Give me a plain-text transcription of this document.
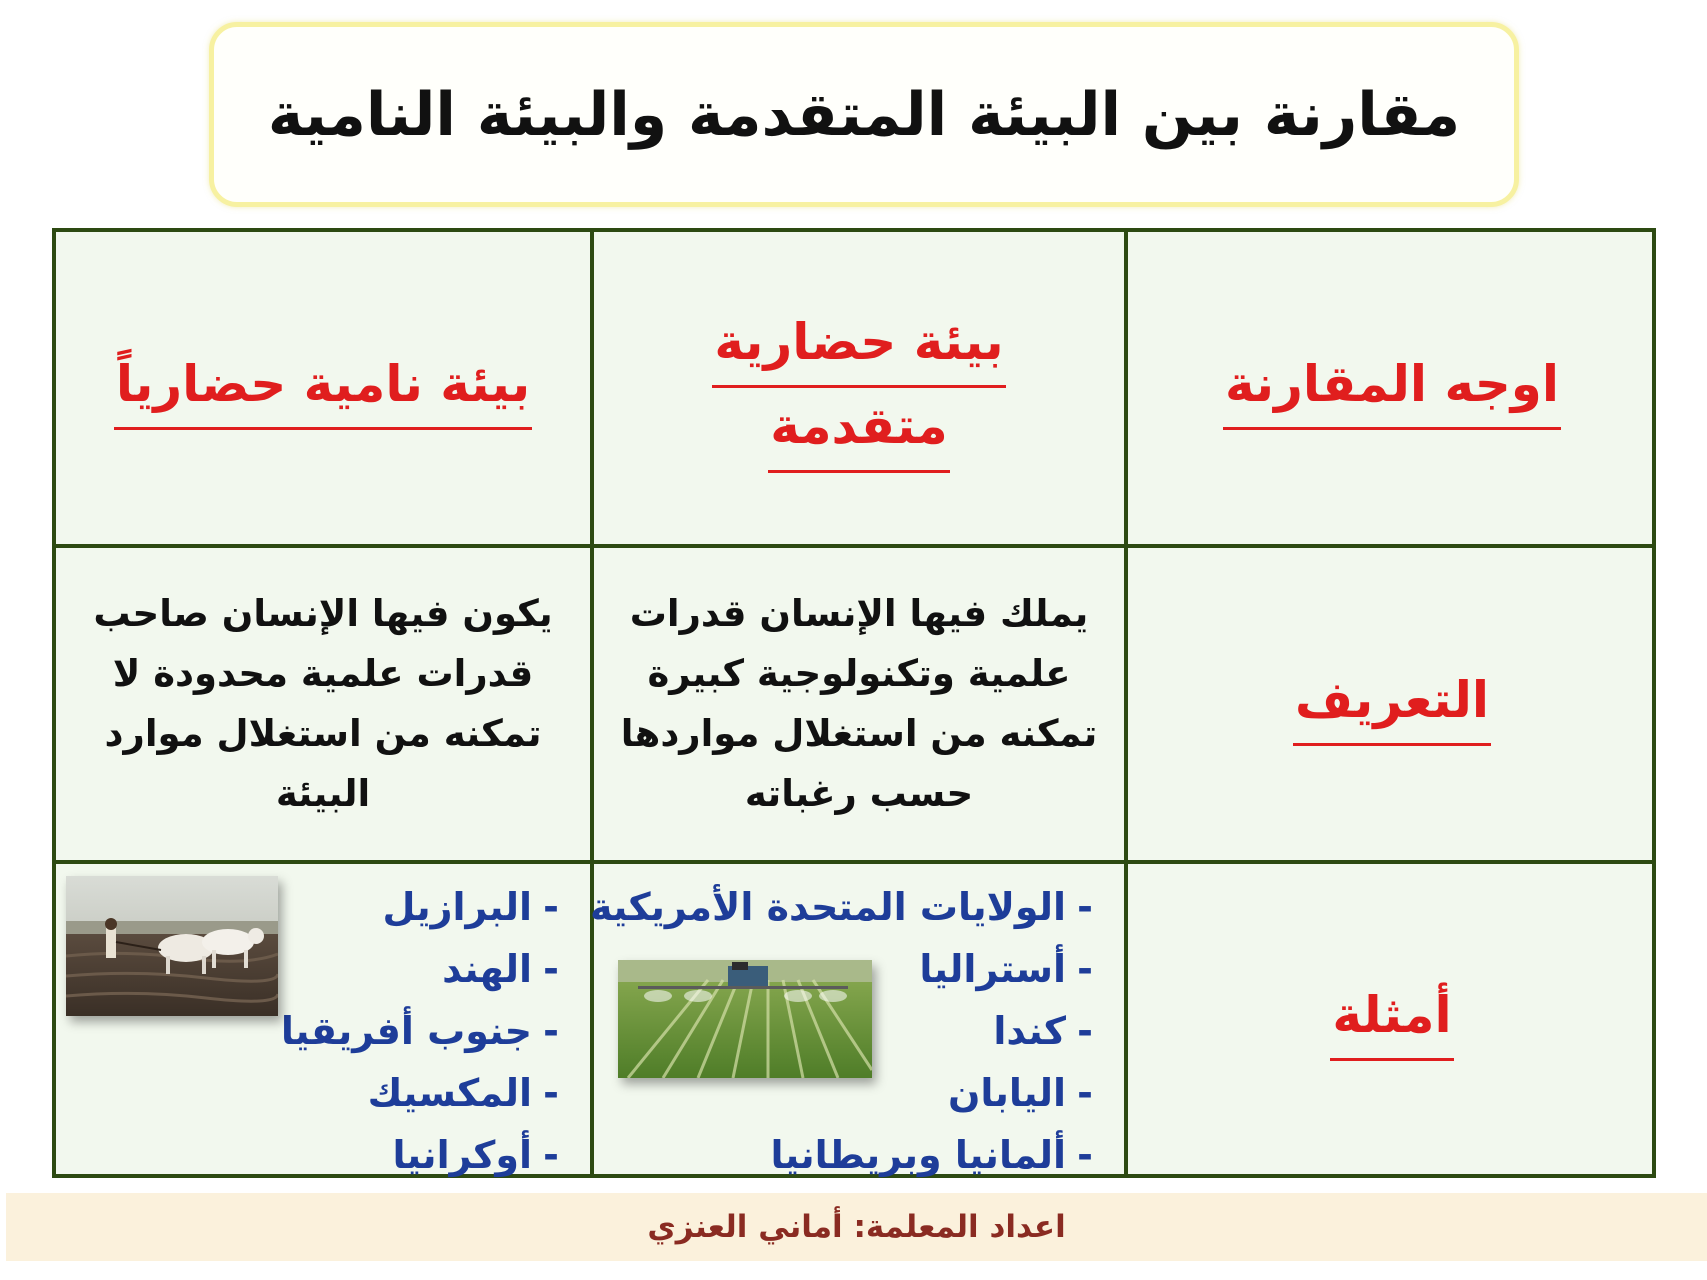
مقارنة بين البيئة المتقدمة والبيئة النامية
بيئة نامية حضارياً
بيئة حضارية
متقدمة
اوجه المقارنة
يكون فيها الإنسان صاحب
قدرات علمية محدودة لا
تمكنه من استغلال موارد
البيئة
يملك فيها الإنسان قدرات
علمية وتكنولوجية كبيرة
تمكنه من استغلال مواردها
حسب رغباته
التعريف
-البرازيل
-الهند
-جنوب أفريقيا
-المكسيك
-أوكرانيا
-الولايات المتحدة الأمريكية
-أستراليا
-كندا
-اليابان
-ألمانيا وبريطانيا
أمثلة
اعداد المعلمة: أماني العنزي
